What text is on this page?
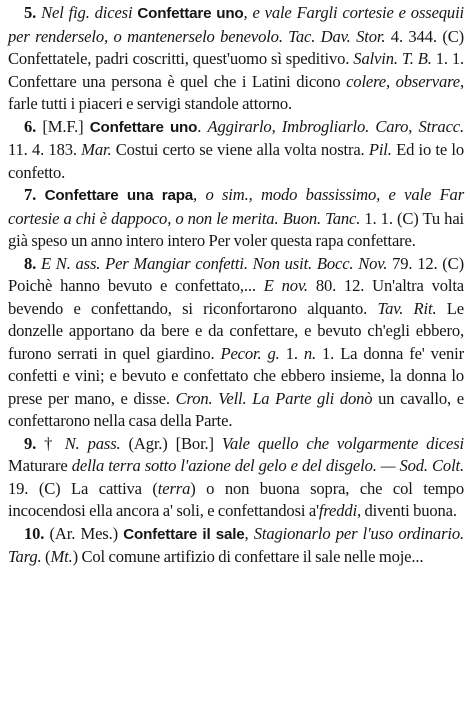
5. Nel fig. dicesi Confettare uno, e vale Fargli cortesie e ossequii per renderselo, o mantenerselo benevolo. Tac. Dav. Stor. 4. 344. (C) Confettatele, padri coscritti, quest'uomo sì speditivo. Salvin. T. B. 1. 1. Confettare una persona è quel che i Latini dicono colere, observare, farle tutti i piaceri e servigi standole attorno.

6. [M.F.] Confettare uno. Aggirarlo, Imbrogliarlo. Caro, Stracc. 11. 4. 183. Mar. Costui certo se viene alla volta nostra. Pil. Ed io te lo confetto.

7. Confettare una rapa, o sim., modo bassissimo, e vale Far cortesie a chi è dappoco, o non le merita. Buon. Tanc. 1. 1. (C) Tu hai già speso un anno intero intero Per voler questa rapa confettare.

8. E N. ass. Per Mangiar confetti. Non usit. Bocc. Nov. 79. 12. (C) Poichè hanno bevuto e confettato,... E nov. 80. 12. Un'altra volta bevendo e confettando, si riconfortarono alquanto. Tav. Rit. Le donzelle apportano da bere e da confettare, e bevuto ch'egli ebbero, furono serrati in quel giardino. Pecor. g. 1. n. 1. La donna fe' venir confetti e vini; e bevuto e confettato che ebbero insieme, la donna lo prese per mano, e disse. Cron. Vell. La Parte gli donò un cavallo, e confettarono nella casa della Parte.

9. † N. pass. (Agr.) [Bor.] Vale quello che volgarmente dicesi Maturare della terra sotto l'azione del gelo e del disgelo. — Sod. Colt. 19. (C) La cattiva (terra) o non buona sopra, che col tempo incocendosi ella ancora a' soli, e confettandosi a'freddi, diventi buona.

10. (Ar. Mes.) Confettare il sale, Stagionarlo per l'uso ordinario. Targ. (Mt.) Col comune artifizio di confettare il sale nelle moje...
